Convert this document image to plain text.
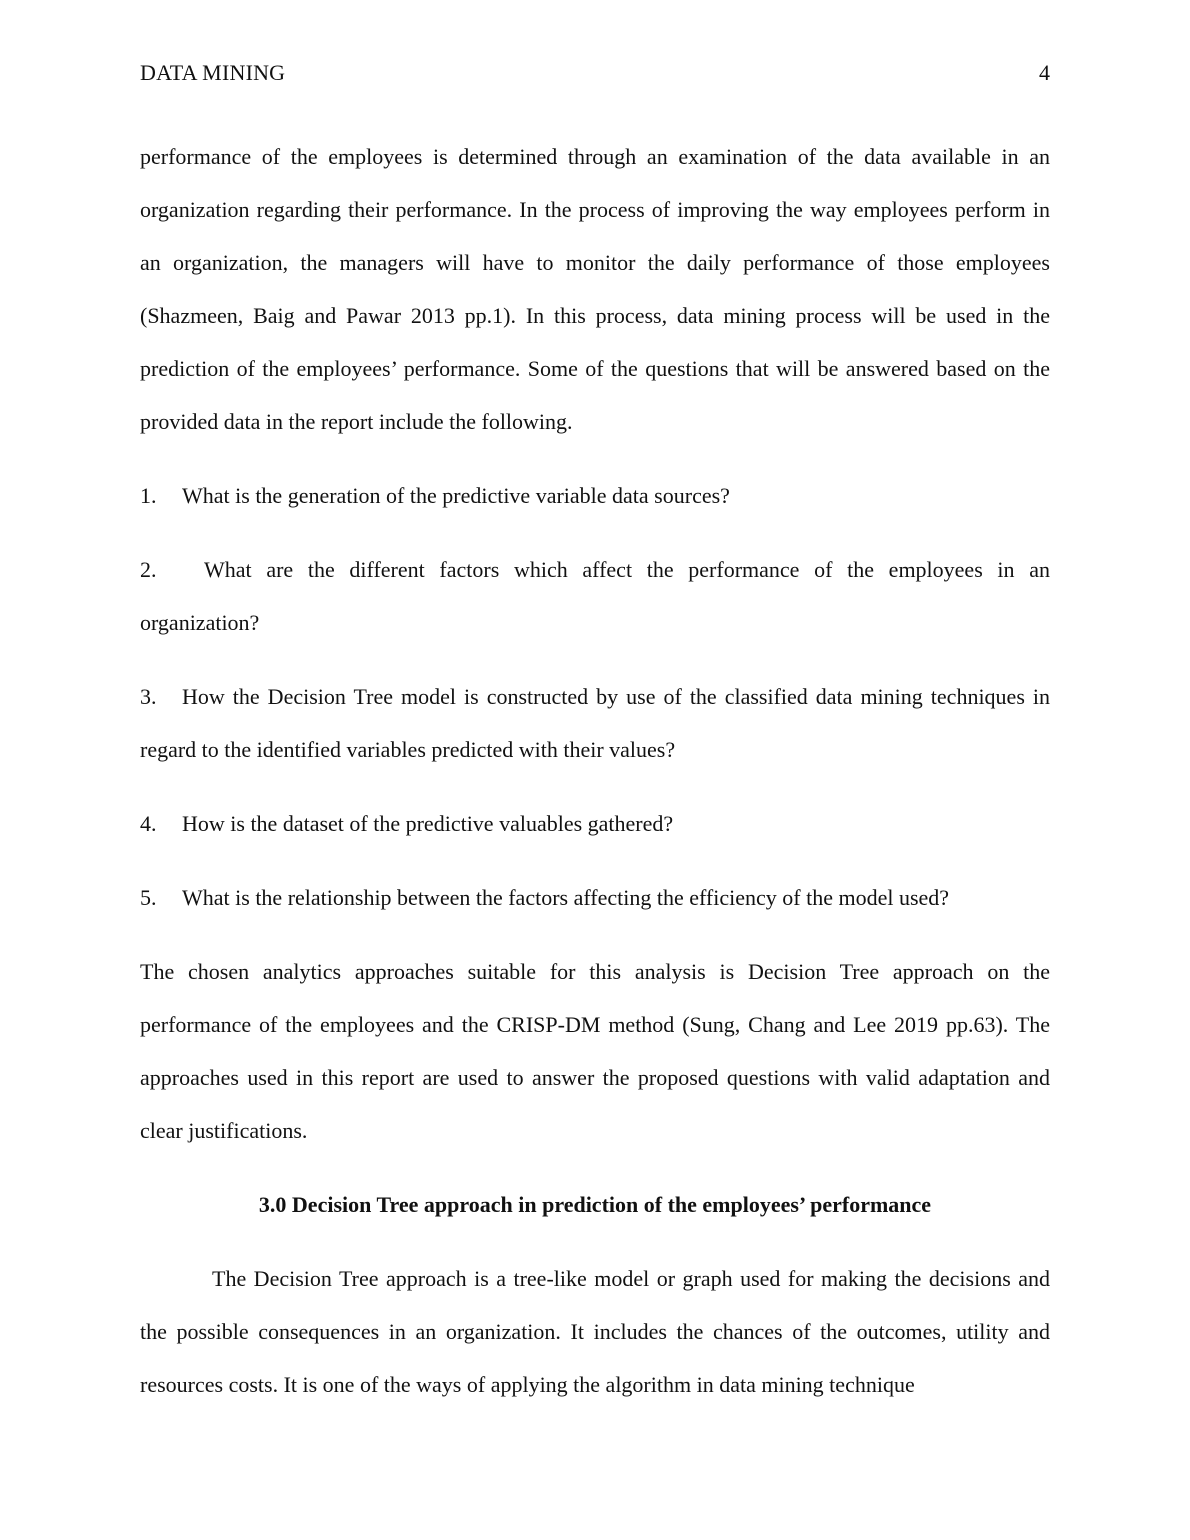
DATA MINING	4

performance of the employees is determined through an examination of the data available in an organization regarding their performance. In the process of improving the way employees perform in an organization, the managers will have to monitor the daily performance of those employees (Shazmeen, Baig and Pawar 2013 pp.1). In this process, data mining process will be used in the prediction of the employees’ performance. Some of the questions that will be answered based on the provided data in the report include the following.

1. What is the generation of the predictive variable data sources?

2. What are the different factors which affect the performance of the employees in an organization?

3. How the Decision Tree model is constructed by use of the classified data mining techniques in regard to the identified variables predicted with their values?

4. How is the dataset of the predictive valuables gathered?

5. What is the relationship between the factors affecting the efficiency of the model used?

The chosen analytics approaches suitable for this analysis is Decision Tree approach on the performance of the employees and the CRISP-DM method (Sung, Chang and Lee 2019 pp.63). The approaches used in this report are used to answer the proposed questions with valid adaptation and clear justifications.

3.0 Decision Tree approach in prediction of the employees’ performance

The Decision Tree approach is a tree-like model or graph used for making the decisions and the possible consequences in an organization. It includes the chances of the outcomes, utility and resources costs. It is one of the ways of applying the algorithm in data mining technique
